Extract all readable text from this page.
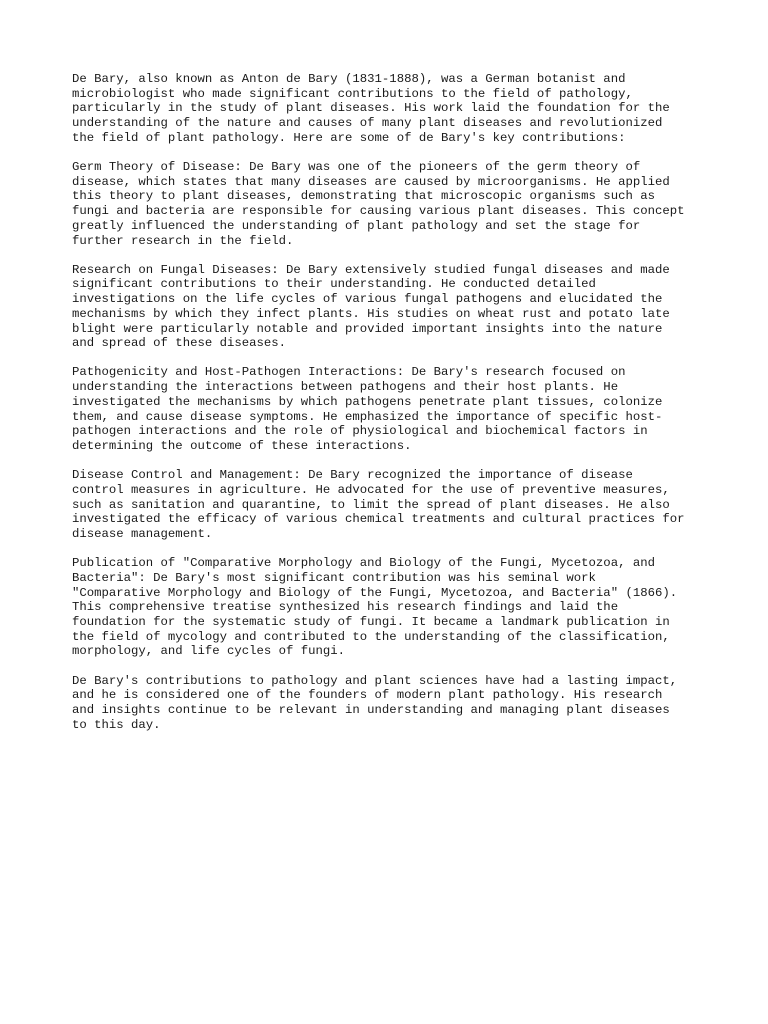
De Bary, also known as Anton de Bary (1831-1888), was a German botanist and
microbiologist who made significant contributions to the field of pathology,
particularly in the study of plant diseases. His work laid the foundation for the
understanding of the nature and causes of many plant diseases and revolutionized
the field of plant pathology. Here are some of de Bary's key contributions:

Germ Theory of Disease: De Bary was one of the pioneers of the germ theory of
disease, which states that many diseases are caused by microorganisms. He applied
this theory to plant diseases, demonstrating that microscopic organisms such as
fungi and bacteria are responsible for causing various plant diseases. This concept
greatly influenced the understanding of plant pathology and set the stage for
further research in the field.

Research on Fungal Diseases: De Bary extensively studied fungal diseases and made
significant contributions to their understanding. He conducted detailed
investigations on the life cycles of various fungal pathogens and elucidated the
mechanisms by which they infect plants. His studies on wheat rust and potato late
blight were particularly notable and provided important insights into the nature
and spread of these diseases.

Pathogenicity and Host-Pathogen Interactions: De Bary's research focused on
understanding the interactions between pathogens and their host plants. He
investigated the mechanisms by which pathogens penetrate plant tissues, colonize
them, and cause disease symptoms. He emphasized the importance of specific host-
pathogen interactions and the role of physiological and biochemical factors in
determining the outcome of these interactions.

Disease Control and Management: De Bary recognized the importance of disease
control measures in agriculture. He advocated for the use of preventive measures,
such as sanitation and quarantine, to limit the spread of plant diseases. He also
investigated the efficacy of various chemical treatments and cultural practices for
disease management.

Publication of "Comparative Morphology and Biology of the Fungi, Mycetozoa, and
Bacteria": De Bary's most significant contribution was his seminal work
"Comparative Morphology and Biology of the Fungi, Mycetozoa, and Bacteria" (1866).
This comprehensive treatise synthesized his research findings and laid the
foundation for the systematic study of fungi. It became a landmark publication in
the field of mycology and contributed to the understanding of the classification,
morphology, and life cycles of fungi.

De Bary's contributions to pathology and plant sciences have had a lasting impact,
and he is considered one of the founders of modern plant pathology. His research
and insights continue to be relevant in understanding and managing plant diseases
to this day.
